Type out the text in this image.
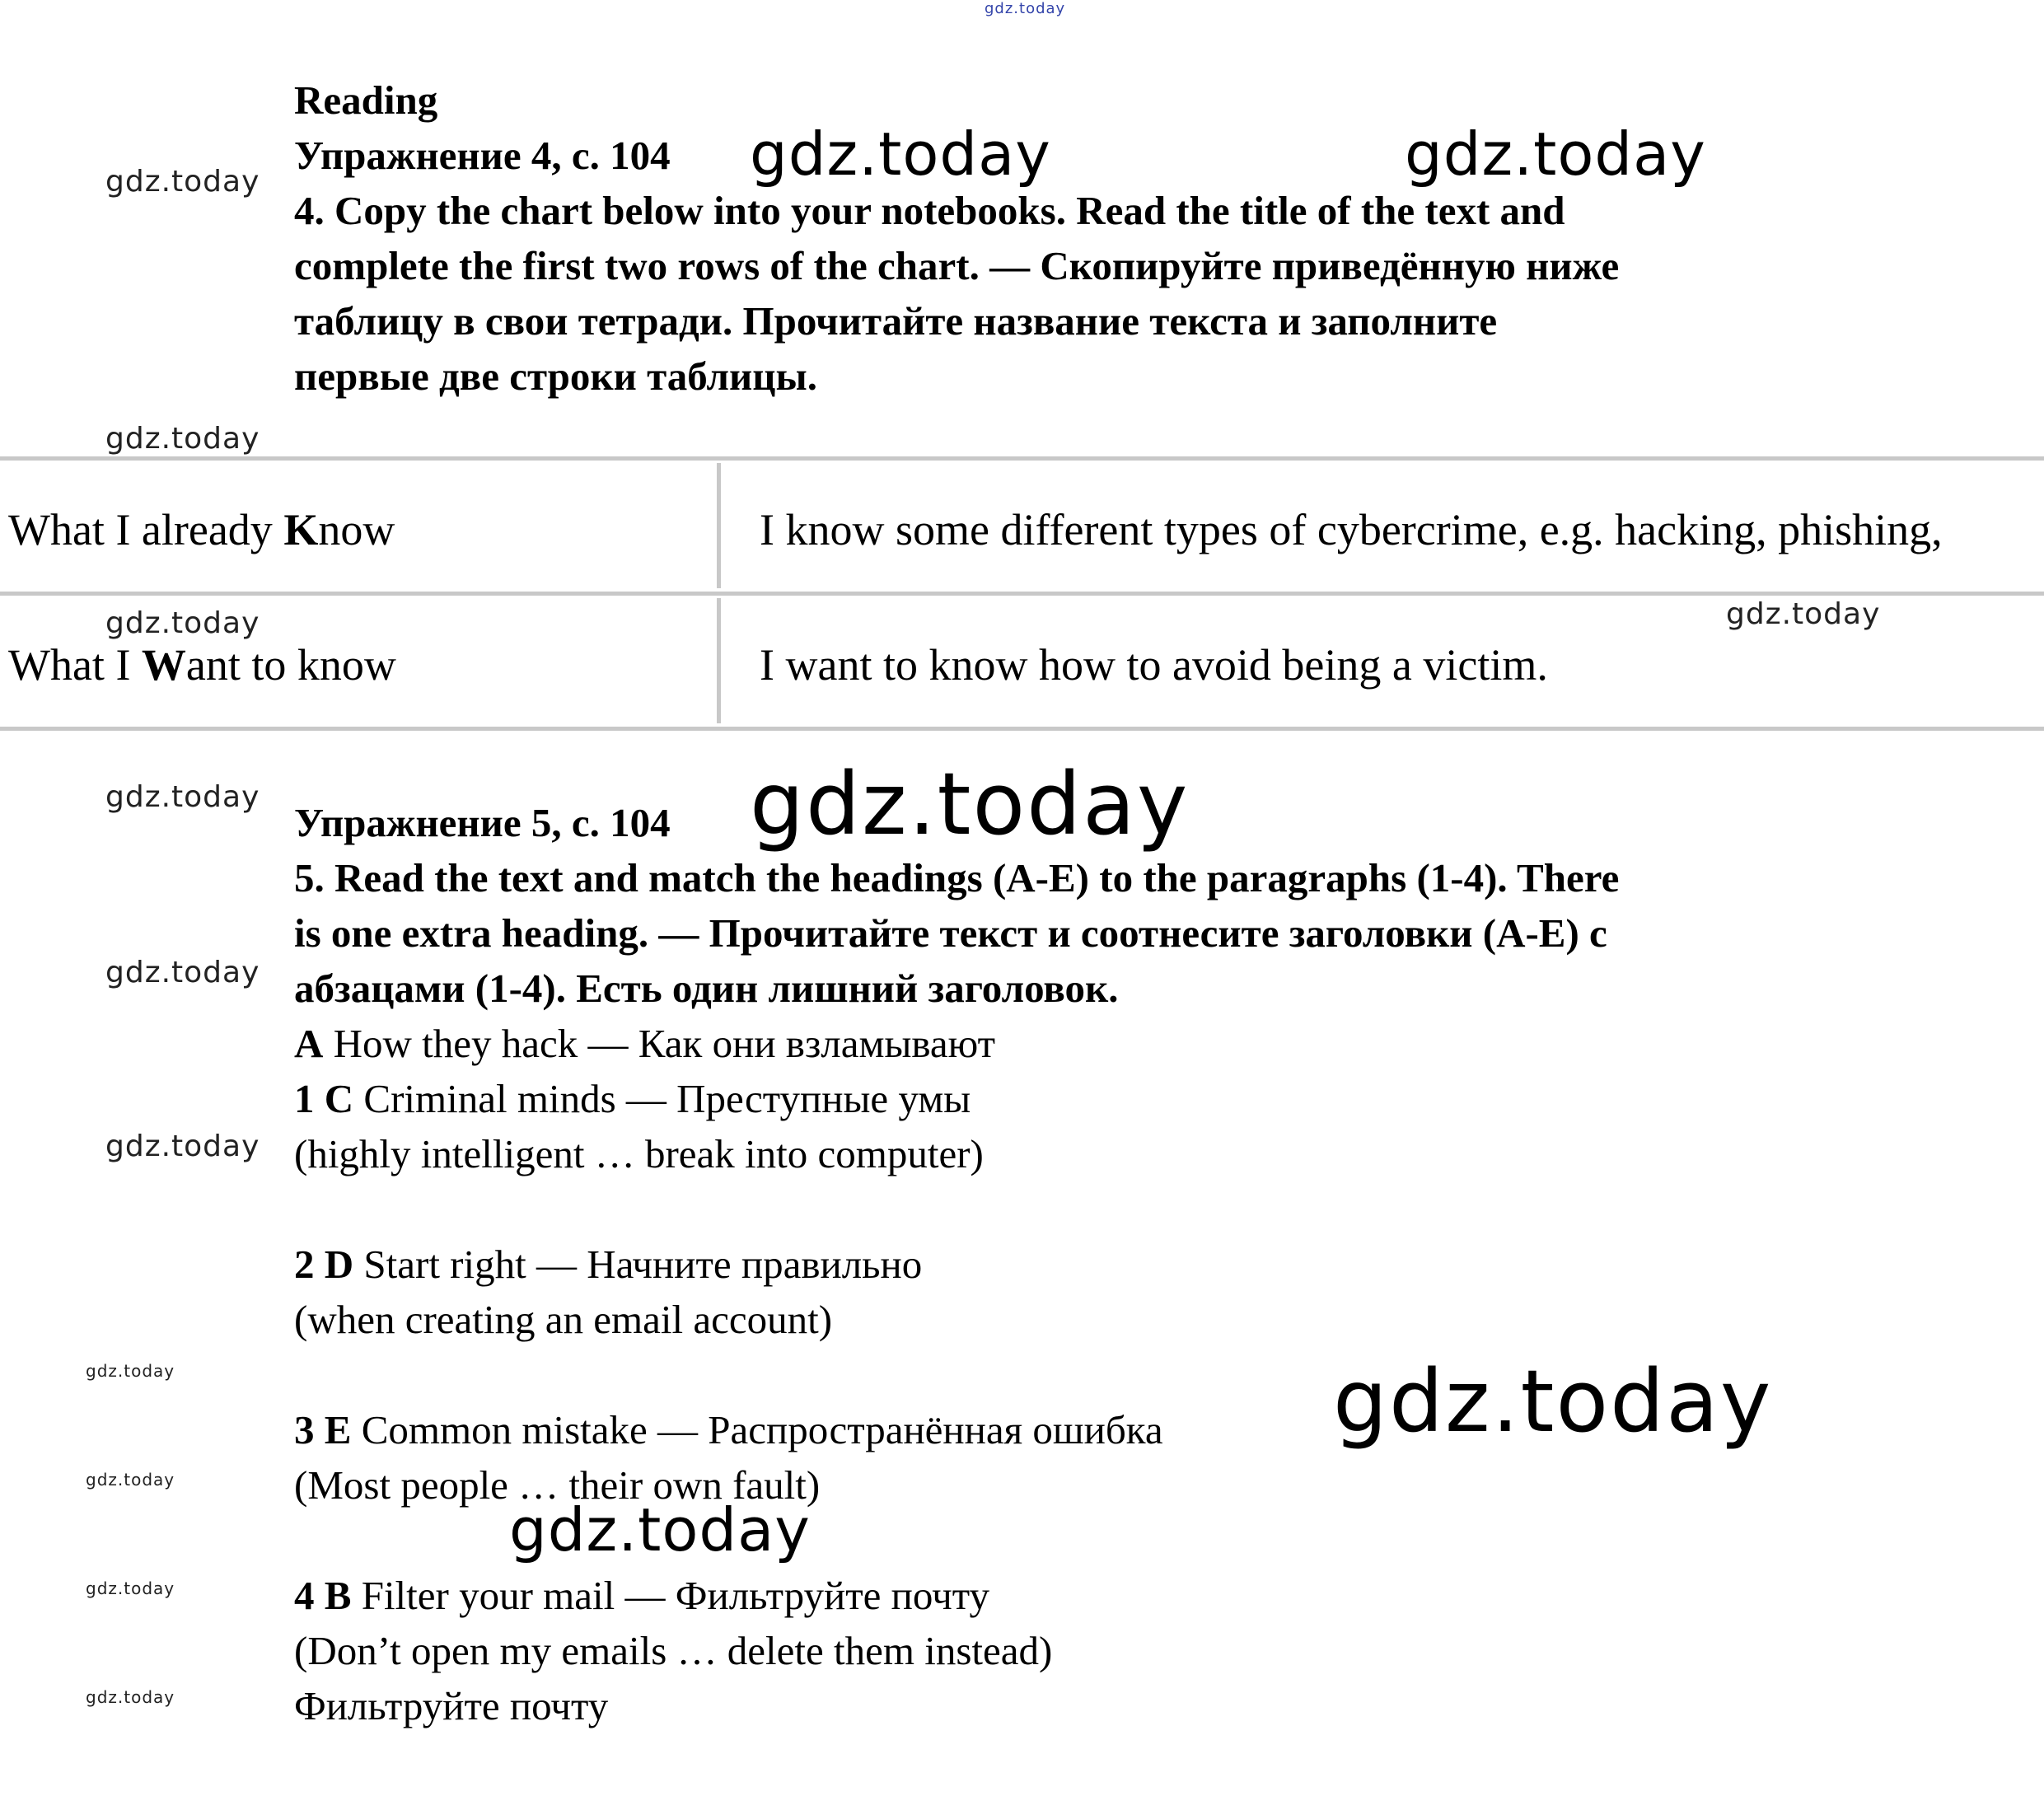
gdz.today
gdz.today	gdz.today	gdz.today
gdz.today
gdz.today	gdz.today
gdz.today	gdz.today
gdz.today
gdz.today
gdz.today	gdz.today
gdz.today
gdz.today
gdz.today
gdz.today
Reading
Упражнение 4, с. 104
4. Copy the chart below into your notebooks. Read the title of the text and
complete the first two rows of the chart. — Скопируйте приведённую ниже
таблицу в свои тетради. Прочитайте название текста и заполните
первые две строки таблицы.
What I already Know	I know some different types of cybercrime, e.g. hacking, phishing,
What I Want to know	I want to know how to avoid being a victim.
Упражнение 5, с. 104
5. Read the text and match the headings (A-E) to the paragraphs (1-4). There
is one extra heading. — Прочитайте текст и соотнесите заголовки (A-E) с
абзацами (1-4). Есть один лишний заголовок.
A How they hack — Как они взламывают
1 C Criminal minds — Преступные умы
(highly intelligent … break into computer)
2 D Start right — Начните правильно
(when creating an email account)
3 E Common mistake — Распространённая ошибка
(Most people … their own fault)
4 B Filter your mail — Фильтруйте почту
(Don’t open my emails … delete them instead)
Фильтруйте почту
